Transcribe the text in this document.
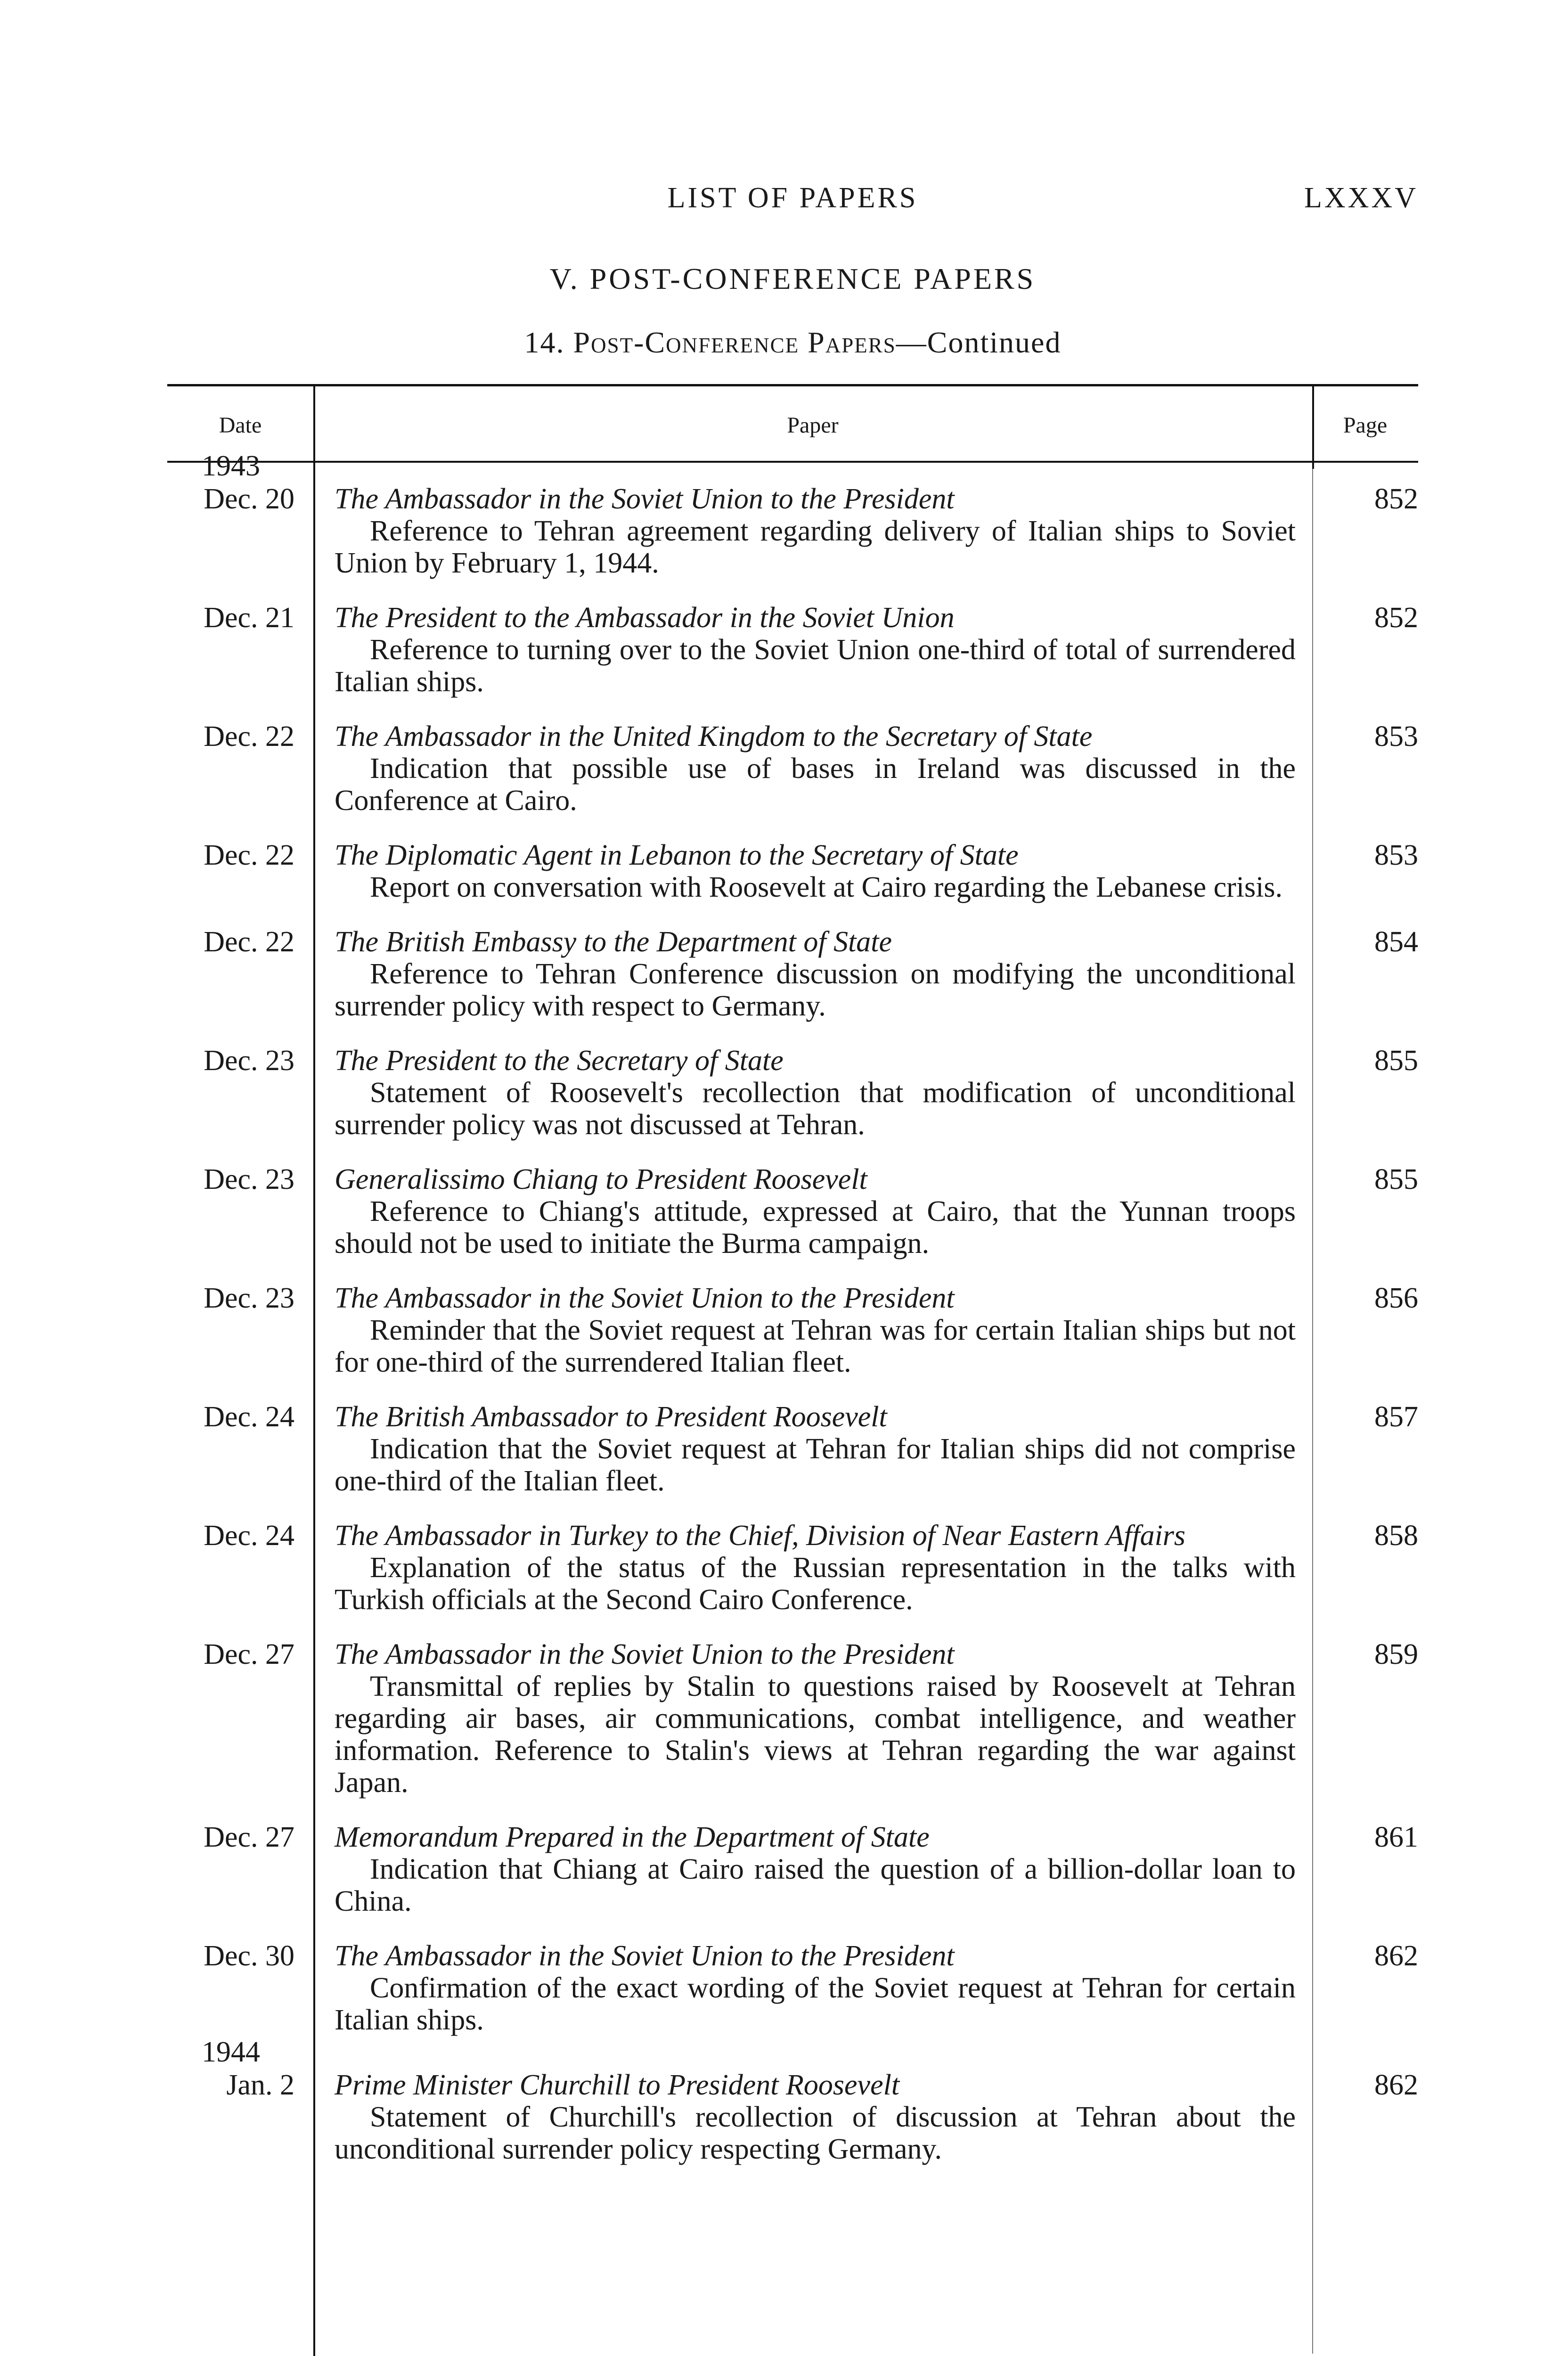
LIST OF PAPERS	LXXXV
V. POST-CONFERENCE PAPERS
14. Post-Conference Papers—Continued
Date	Paper	Page
1943
Dec. 20 The Ambassador in the Soviet Union to the President
Reference to Tehran agreement regarding delivery of Italian ships to Soviet Union by February 1, 1944.
852
Dec. 21 The President to the Ambassador in the Soviet Union
Reference to turning over to the Soviet Union one-third of total of surrendered Italian ships.
852
Dec. 22 The Ambassador in the United Kingdom to the Secretary of State
Indication that possible use of bases in Ireland was discussed in the Conference at Cairo.
853
Dec. 22 The Diplomatic Agent in Lebanon to the Secretary of State
Report on conversation with Roosevelt at Cairo regarding the Lebanese crisis.
853
Dec. 22 The British Embassy to the Department of State
Reference to Tehran Conference discussion on modifying the unconditional surrender policy with respect to Germany.
854
Dec. 23 The President to the Secretary of State
Statement of Roosevelt's recollection that modification of unconditional surrender policy was not discussed at Tehran.
855
Dec. 23 Generalissimo Chiang to President Roosevelt
Reference to Chiang's attitude, expressed at Cairo, that the Yunnan troops should not be used to initiate the Burma campaign.
855
Dec. 23 The Ambassador in the Soviet Union to the President
Reminder that the Soviet request at Tehran was for certain Italian ships but not for one-third of the surrendered Italian fleet.
856
Dec. 24 The British Ambassador to President Roosevelt
Indication that the Soviet request at Tehran for Italian ships did not comprise one-third of the Italian fleet.
857
Dec. 24 The Ambassador in Turkey to the Chief, Division of Near Eastern Affairs
Explanation of the status of the Russian representation in the talks with Turkish officials at the Second Cairo Conference.
858
Dec. 27 The Ambassador in the Soviet Union to the President
Transmittal of replies by Stalin to questions raised by Roosevelt at Tehran regarding air bases, air communications, combat intelligence, and weather information. Reference to Stalin's views at Tehran regarding the war against Japan.
859
Dec. 27 Memorandum Prepared in the Department of State
Indication that Chiang at Cairo raised the question of a billion-dollar loan to China.
861
Dec. 30 The Ambassador in the Soviet Union to the President
Confirmation of the exact wording of the Soviet request at Tehran for certain Italian ships.
862
1944
Jan. 2 Prime Minister Churchill to President Roosevelt
Statement of Churchill's recollection of discussion at Tehran about the unconditional surrender policy respecting Germany.
862
